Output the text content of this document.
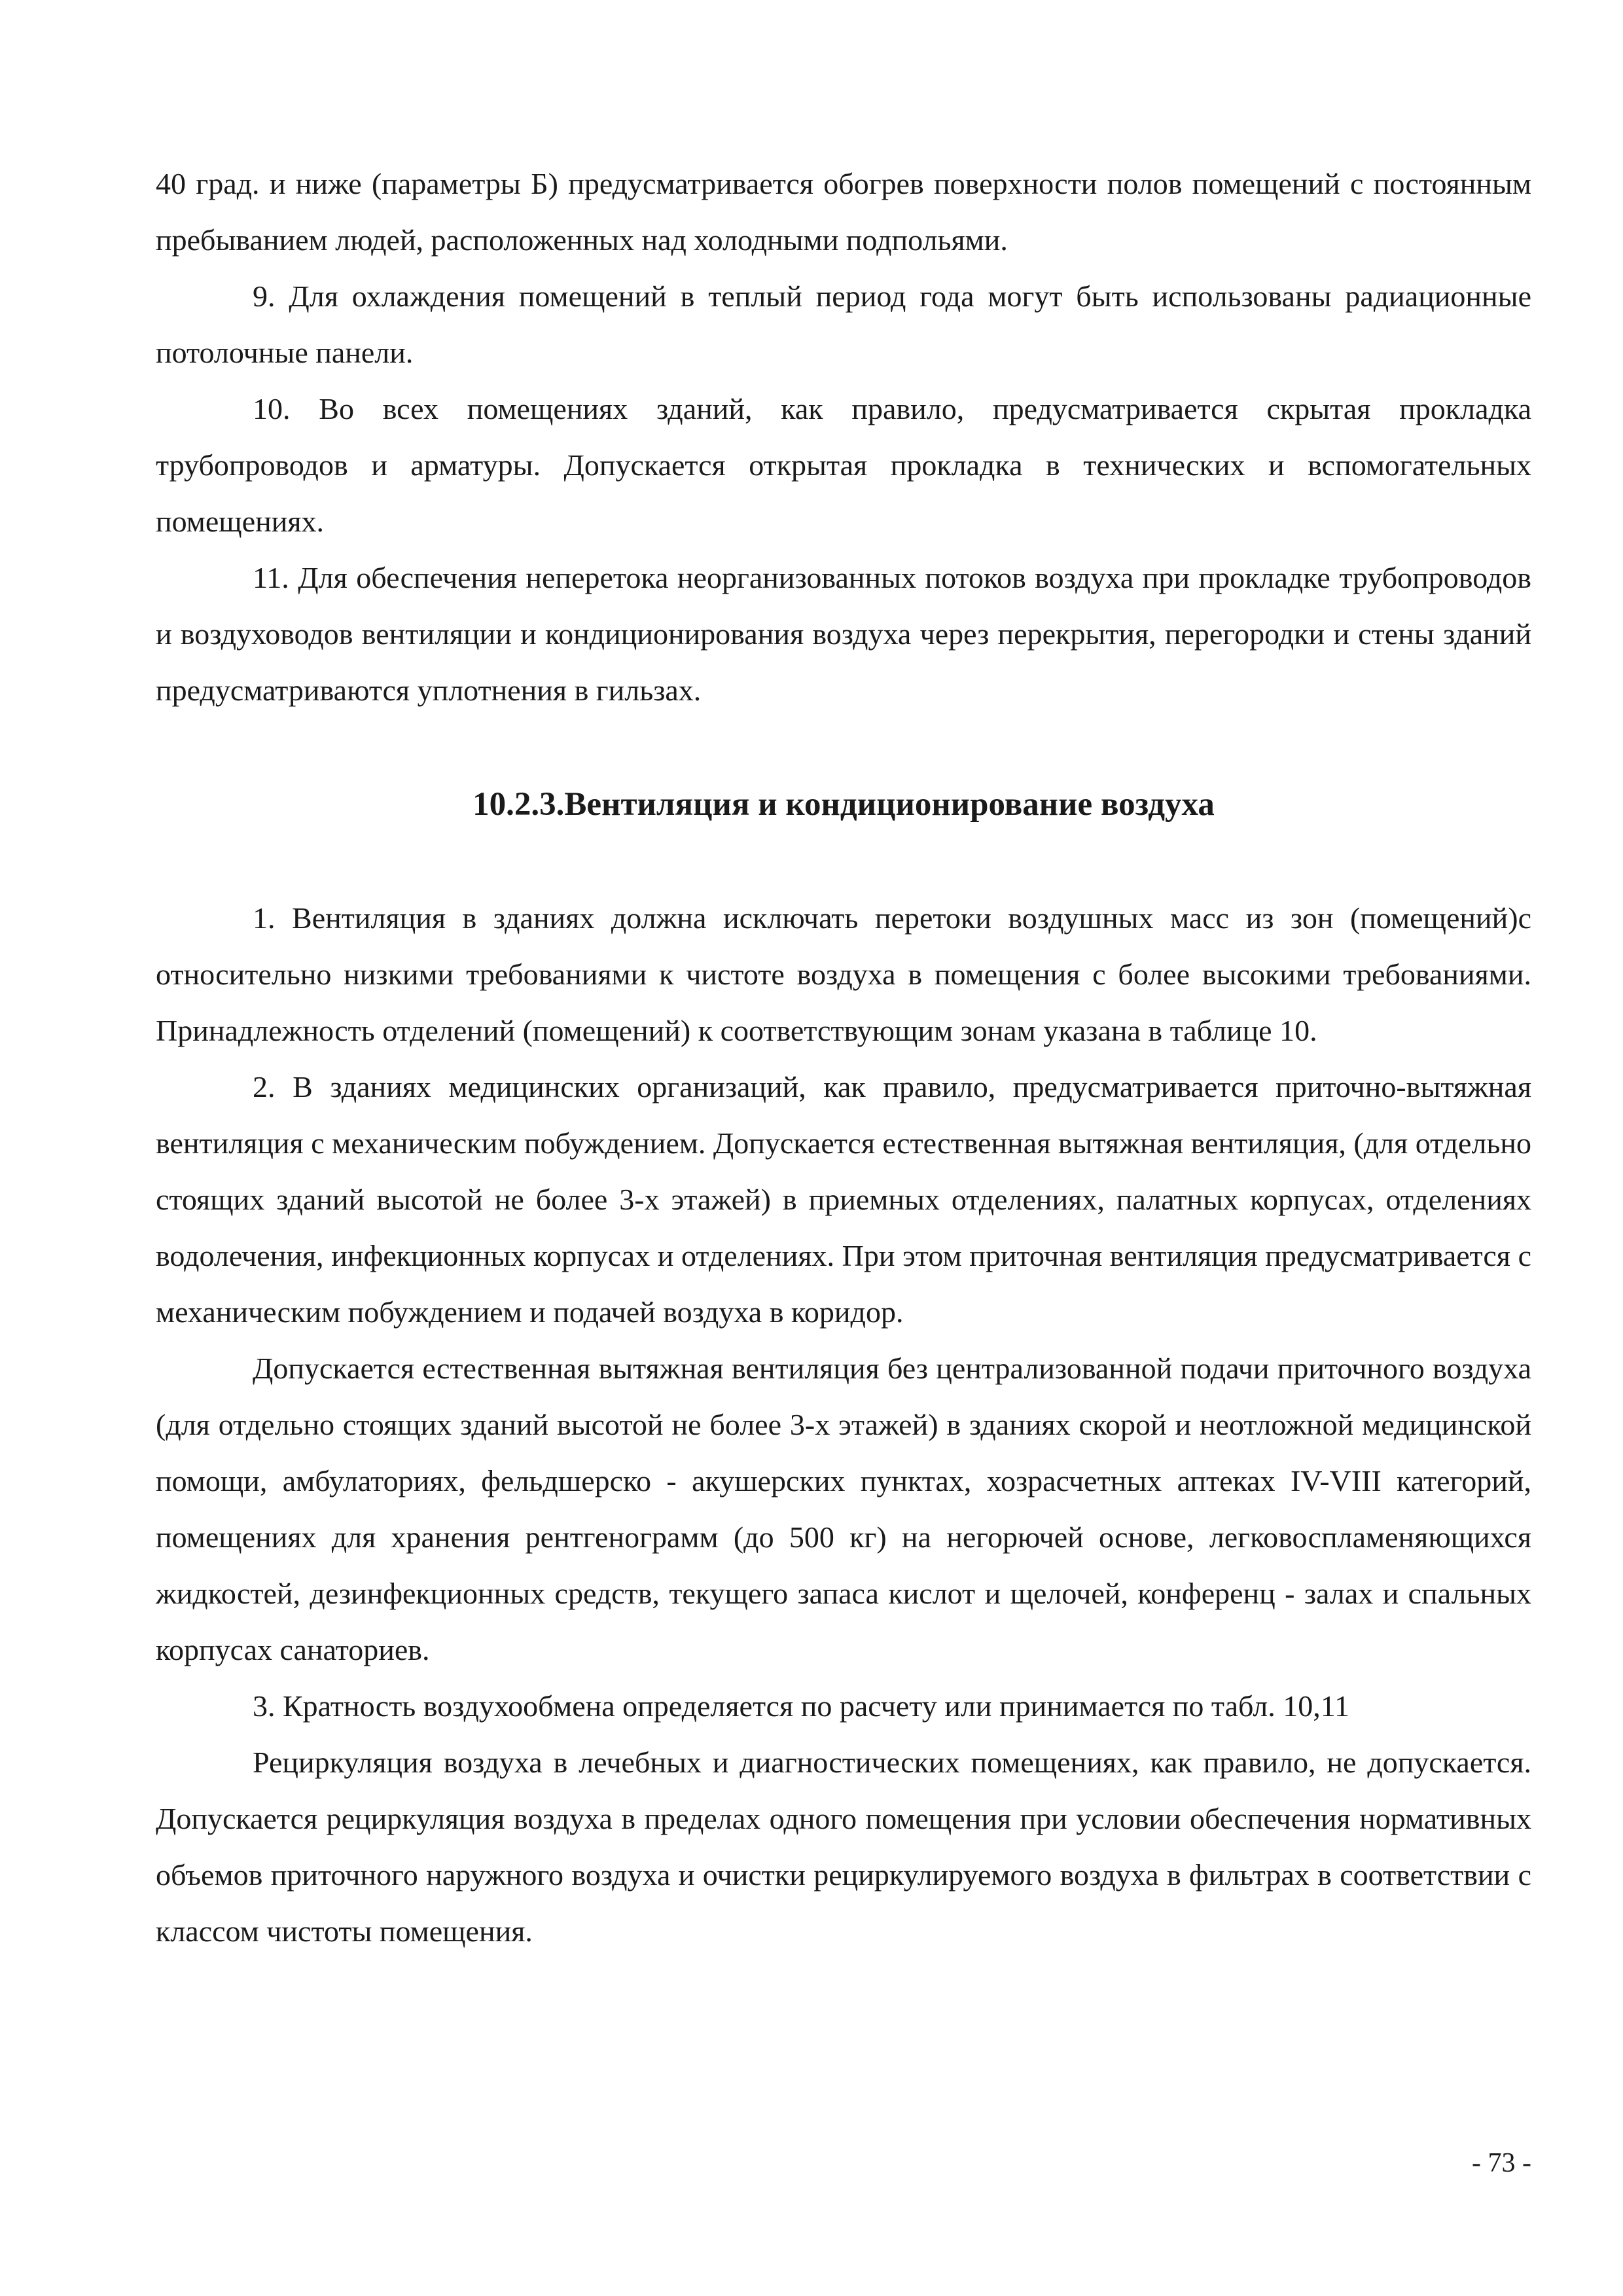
40 град. и ниже (параметры Б) предусматривается обогрев поверхности полов помещений с постоянным пребыванием людей, расположенных над холодными подпольями.

9. Для охлаждения помещений в теплый период года могут быть использованы радиационные потолочные панели.

10. Во всех помещениях зданий, как правило, предусматривается скрытая прокладка трубопроводов и арматуры. Допускается открытая прокладка в технических и вспомогательных помещениях.

11. Для обеспечения неперетока неорганизованных потоков воздуха при прокладке трубопроводов и воздуховодов вентиляции и кондиционирования воздуха через перекрытия, перегородки и стены зданий предусматриваются уплотнения в гильзах.

10.2.3.Вентиляция и кондиционирование воздуха

1. Вентиляция в зданиях должна исключать перетоки воздушных масс из зон (помещений)с относительно низкими требованиями к чистоте воздуха в помещения с более высокими требованиями. Принадлежность отделений (помещений) к соответствующим зонам указана в таблице 10.

2. В зданиях медицинских организаций, как правило, предусматривается приточно-вытяжная вентиляция с механическим побуждением. Допускается естественная вытяжная вентиляция, (для отдельно стоящих зданий высотой не более 3-х этажей) в приемных отделениях, палатных корпусах, отделениях водолечения, инфекционных корпусах и отделениях. При этом приточная вентиляция предусматривается с механическим побуждением и подачей воздуха в коридор.

Допускается естественная вытяжная вентиляция без централизованной подачи приточного воздуха (для отдельно стоящих зданий высотой не более 3-х этажей) в зданиях скорой и неотложной медицинской помощи, амбулаториях, фельдшерско - акушерских пунктах, хозрасчетных аптеках IV-VIII категорий, помещениях для хранения рентгенограмм (до 500 кг) на негорючей основе, легковоспламеняющихся жидкостей, дезинфекционных средств, текущего запаса кислот и щелочей, конференц - залах и спальных корпусах санаториев.

3. Кратность воздухообмена определяется по расчету или принимается по табл. 10,11

Рециркуляция воздуха в лечебных и диагностических помещениях, как правило, не допускается. Допускается рециркуляция воздуха в пределах одного помещения при условии обеспечения нормативных объемов приточного наружного воздуха и очистки рециркулируемого воздуха в фильтрах в соответствии с классом чистоты помещения.

- 73 -
